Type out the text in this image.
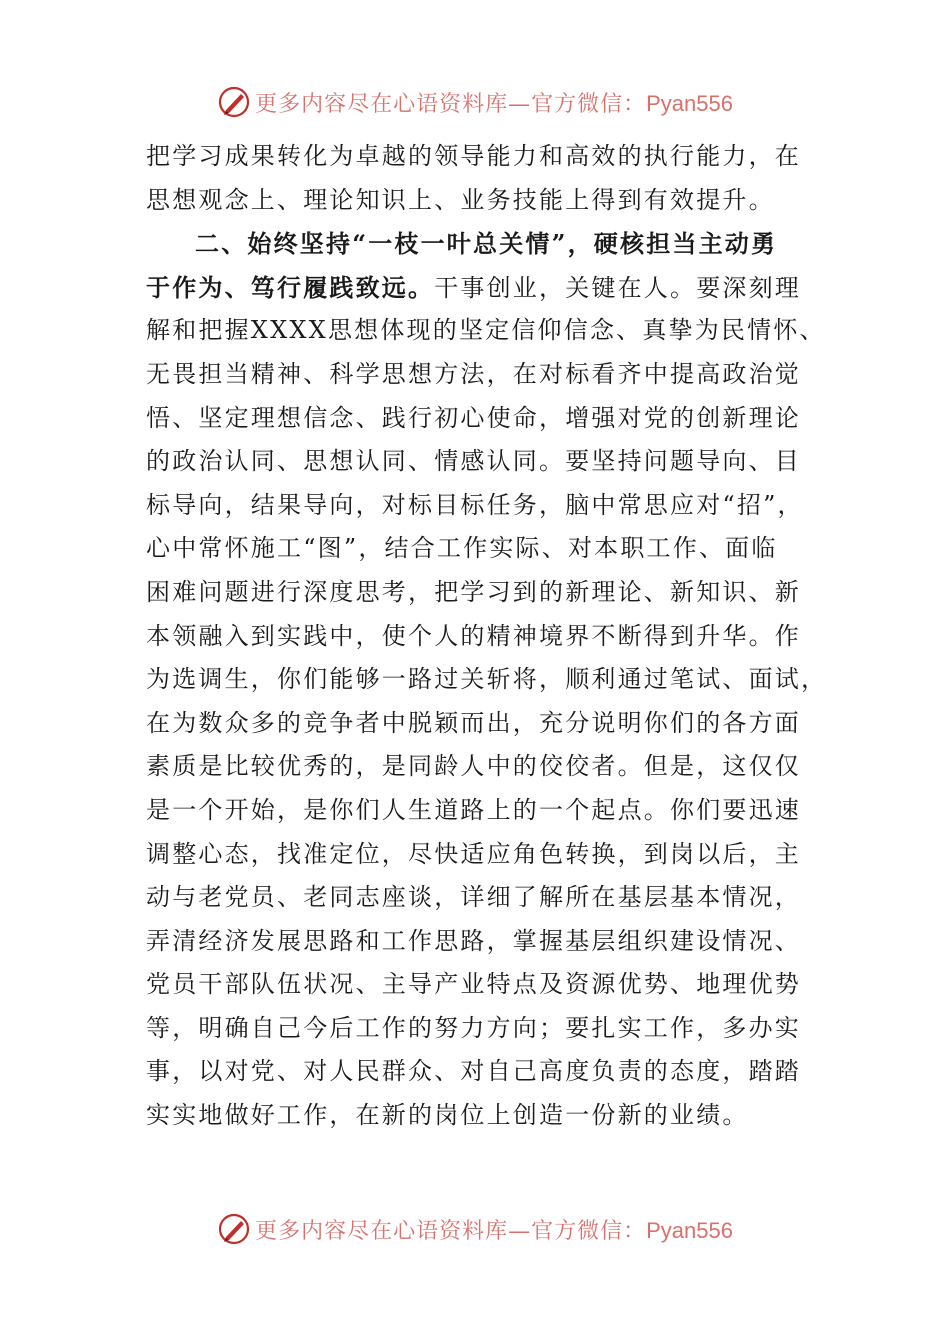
更多内容尽在心语资料库—官方微信：Pyan556
把学习成果转化为卓越的领导能力和高效的执行能力，在
思想观念上、理论知识上、业务技能上得到有效提升。
二、始终坚持“一枝一叶总关情”，硬核担当主动勇
于作为、笃行履践致远。干事创业，关键在人。要深刻理
解和把握XXXX思想体现的坚定信仰信念、真挚为民情怀、
无畏担当精神、科学思想方法，在对标看齐中提高政治觉
悟、坚定理想信念、践行初心使命，增强对党的创新理论
的政治认同、思想认同、情感认同。要坚持问题导向、目
标导向，结果导向，对标目标任务，脑中常思应对“招”，
心中常怀施工“图”，结合工作实际、对本职工作、面临
困难问题进行深度思考，把学习到的新理论、新知识、新
本领融入到实践中，使个人的精神境界不断得到升华。作
为选调生，你们能够一路过关斩将，顺利通过笔试、面试，
在为数众多的竞争者中脱颖而出，充分说明你们的各方面
素质是比较优秀的，是同龄人中的佼佼者。但是，这仅仅
是一个开始，是你们人生道路上的一个起点。你们要迅速
调整心态，找准定位，尽快适应角色转换，到岗以后，主
动与老党员、老同志座谈，详细了解所在基层基本情况，
弄清经济发展思路和工作思路，掌握基层组织建设情况、
党员干部队伍状况、主导产业特点及资源优势、地理优势
等，明确自己今后工作的努力方向；要扎实工作，多办实
事，以对党、对人民群众、对自己高度负责的态度，踏踏
实实地做好工作，在新的岗位上创造一份新的业绩。
更多内容尽在心语资料库—官方微信：Pyan556
